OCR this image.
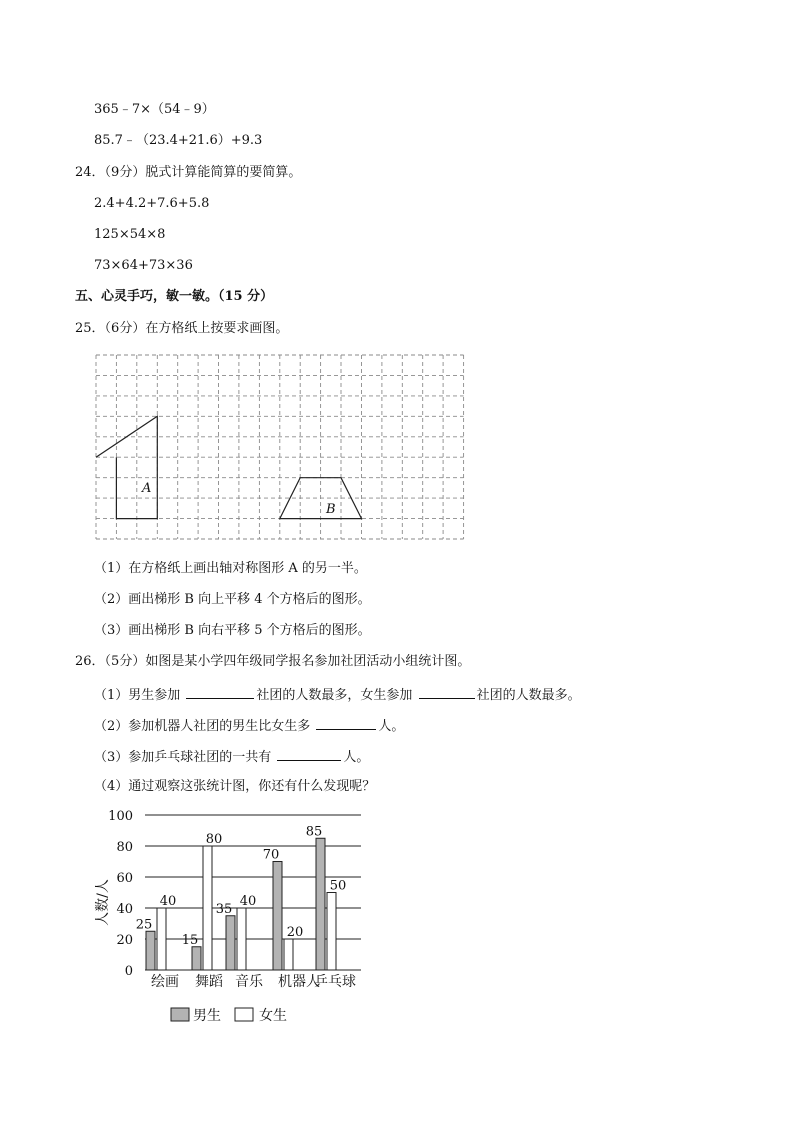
365﹣7×（54﹣9）
85.7﹣（23.4+21.6）+9.3
24．（9分）脱式计算能简算的要简算。
2.4+4.2+7.6+5.8
125×54×8
73×64+73×36
五、心灵手巧，敏一敏。（15 分）
25．（6分）在方格纸上按要求画图。
A
B
（1）在方格纸上画出轴对称图形 A 的另一半。
（2）画出梯形 B 向上平移 4 个方格后的图形。
（3）画出梯形 B 向右平移 5 个方格后的图形。
26．（5分）如图是某小学四年级同学报名参加社团活动小组统计图。
（1）男生参加	社团的人数最多，女生参加	社团的人数最多。
（2）参加机器人社团的男生比女生多	人。
（3）参加乒乓球社团的一共有	人。
（4）通过观察这张统计图，你还有什么发现呢？
0
20
40
60
80
100
人数/人 25
40
绘画
15
80
舞蹈
35
40
音乐
70
20
机器人
85
50
乒乓球
男生	女生
